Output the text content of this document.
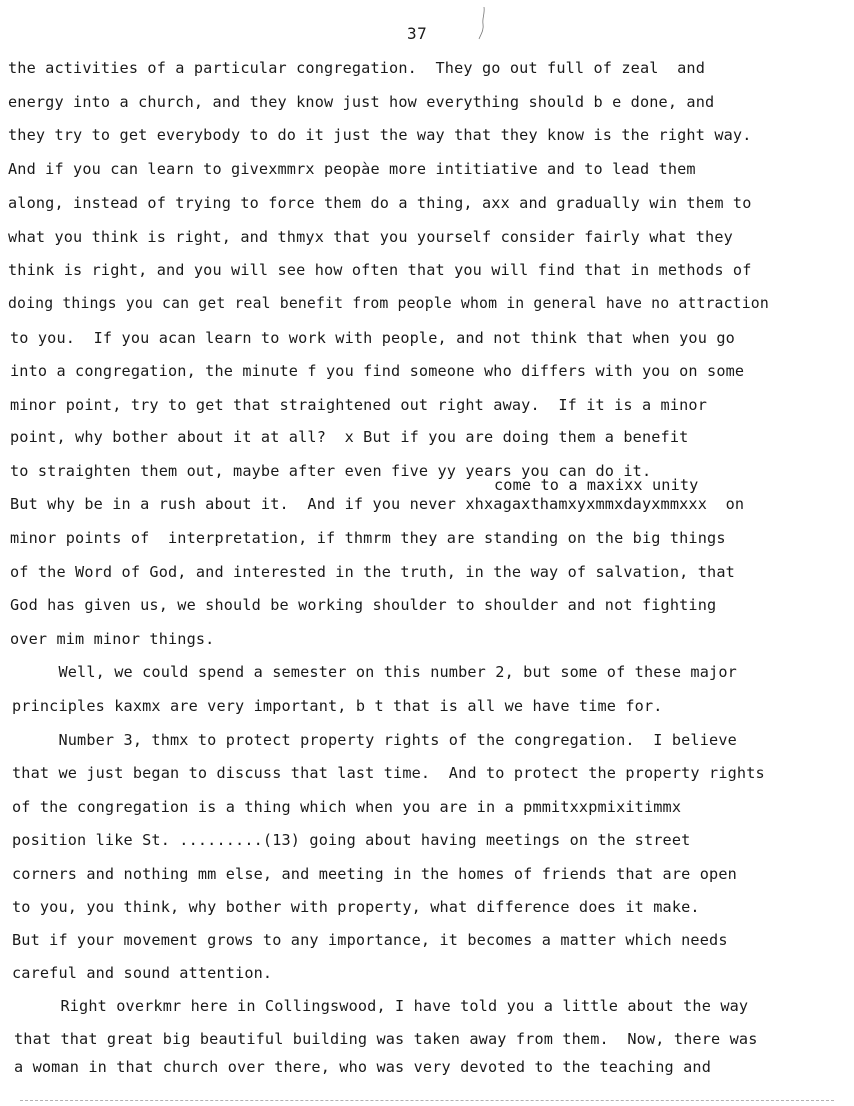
37
come to a maxixx unity
the activities of a particular congregation.  They go out full of zeal  and
energy into a church, and they know just how everything should b e done, and
they try to get everybody to do it just the way that they know is the right way.
And if you can learn to givexmmrx peopàe more intitiative and to lead them
along, instead of trying to force them do a thing, axx and gradually win them to
what you think is right, and thmyx that you yourself consider fairly what they
think is right, and you will see how often that you will find that in methods of
doing things you can get real benefit from people whom in general have no attraction
to you.  If you acan learn to work with people, and not think that when you go
into a congregation, the minute f you find someone who differs with you on some
minor point, try to get that straightened out right away.  If it is a minor
point, why bother about it at all?  x But if you are doing them a benefit
to straighten them out, maybe after even five yy years you can do it.
But why be in a rush about it.  And if you never xhxagaxthamxyxmmxdayxmmxxx  on
minor points of  interpretation, if thmrm they are standing on the big things
of the Word of God, and interested in the truth, in the way of salvation, that
God has given us, we should be working shoulder to shoulder and not fighting
over mim minor things.
Well, we could spend a semester on this number 2, but some of these major
principles kaxmx are very important, b t that is all we have time for.
Number 3, thmx to protect property rights of the congregation.  I believe
that we just began to discuss that last time.  And to protect the property rights
of the congregation is a thing which when you are in a pmmitxxpmixitimmx
position like St. .........(13) going about having meetings on the street
corners and nothing mm else, and meeting in the homes of friends that are open
to you, you think, why bother with property, what difference does it make.
But if your movement grows to any importance, it becomes a matter which needs
careful and sound attention.
Right overkmr here in Collingswood, I have told you a little about the way
that that great big beautiful building was taken away from them.  Now, there was
a woman in that church over there, who was very devoted to the teaching and
